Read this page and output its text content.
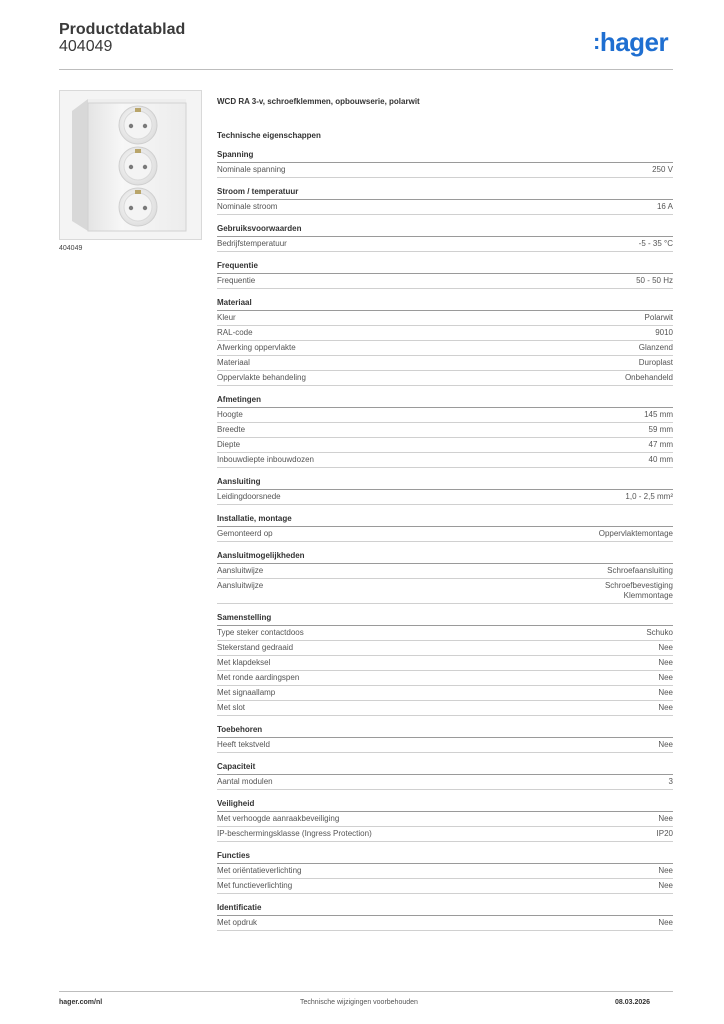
Productdatablad
404049	:hager
404049
WCD RA 3-v, schroefklemmen, opbouwserie, polarwit
Technische eigenschappen
Spanning
Nominale spanning	250 V
Stroom / temperatuur
Nominale stroom	16 A
Gebruiksvoorwaarden
Bedrijfstemperatuur	-5 - 35 °C
Frequentie
Frequentie	50 - 50 Hz
Materiaal
Kleur	Polarwit
RAL-code	9010
Afwerking oppervlakte	Glanzend
Materiaal	Duroplast
Oppervlakte behandeling	Onbehandeld
Afmetingen
Hoogte	145 mm
Breedte	59 mm
Diepte	47 mm
Inbouwdiepte inbouwdozen	40 mm
Aansluiting
Leidingdoorsnede	1,0 - 2,5 mm²
Installatie, montage
Gemonteerd op	Oppervlaktemontage
Aansluitmogelijkheden
Aansluitwijze	Schroefaansluiting
Aansluitwijze	Schroefbevestiging
Klemmontage
Samenstelling
Type steker contactdoos	Schuko
Stekerstand gedraaid	Nee
Met klapdeksel	Nee
Met ronde aardingspen	Nee
Met signaallamp	Nee
Met slot	Nee
Toebehoren
Heeft tekstveld	Nee
Capaciteit
Aantal modulen	3
Veiligheid
Met verhoogde aanraakbeveiliging	Nee
IP-beschermingsklasse (Ingress Protection)	IP20
Functies
Met oriëntatieverlichting	Nee
Met functieverlichting	Nee
Identificatie
Met opdruk	Nee
hager.com/nl	Technische wijzigingen voorbehouden	08.03.2026
